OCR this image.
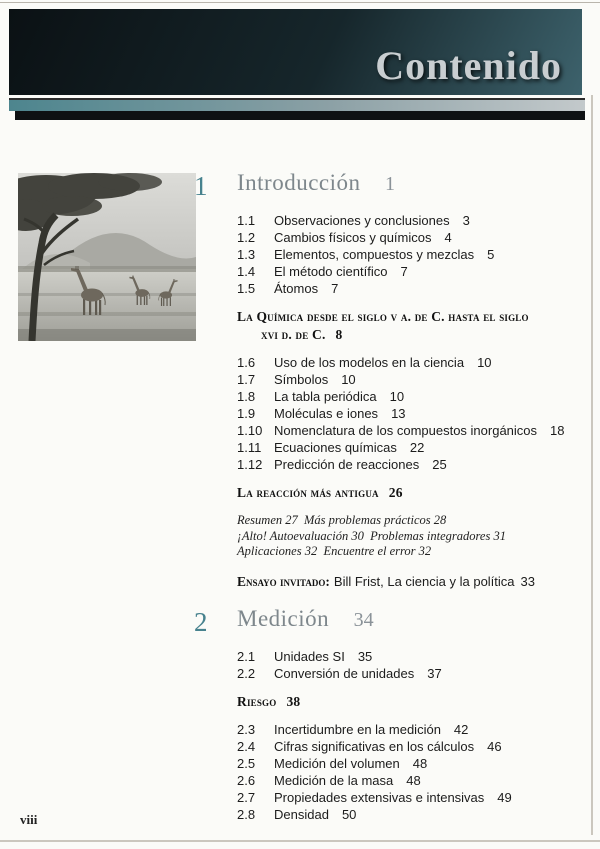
Contenido
1 Introducción 1
1.1	Observaciones y conclusiones 3
1.2	Cambios físicos y químicos 4
1.3	Elementos, compuestos y mezclas 5
1.4	El método científico 7
1.5	Átomos 7
La Química desde el siglo v a. de C. hasta el siglo
xvi d. de C. 8
1.6	Uso de los modelos en la ciencia 10
1.7	Símbolos 10
1.8	La tabla periódica 10
1.9	Moléculas e iones 13
1.10 Nomenclatura de los compuestos inorgánicos 18
1.11 Ecuaciones químicas 22
1.12 Predicción de reacciones 25
La reacción más antigua 26
Resumen 27  Más problemas prácticos 28
¡Alto! Autoevaluación 30  Problemas integradores 31
Aplicaciones 32  Encuentre el error 32
Ensayo invitado: Bill Frist, La ciencia y la política 33
2 Medición 34
2.1	Unidades SI 35
2.2	Conversión de unidades 37
Riesgo 38
2.3	Incertidumbre en la medición 42
2.4	Cifras significativas en los cálculos 46
2.5	Medición del volumen 48
2.6	Medición de la masa 48
2.7	Propiedades extensivas e intensivas 49
2.8	Densidad 50
viii
